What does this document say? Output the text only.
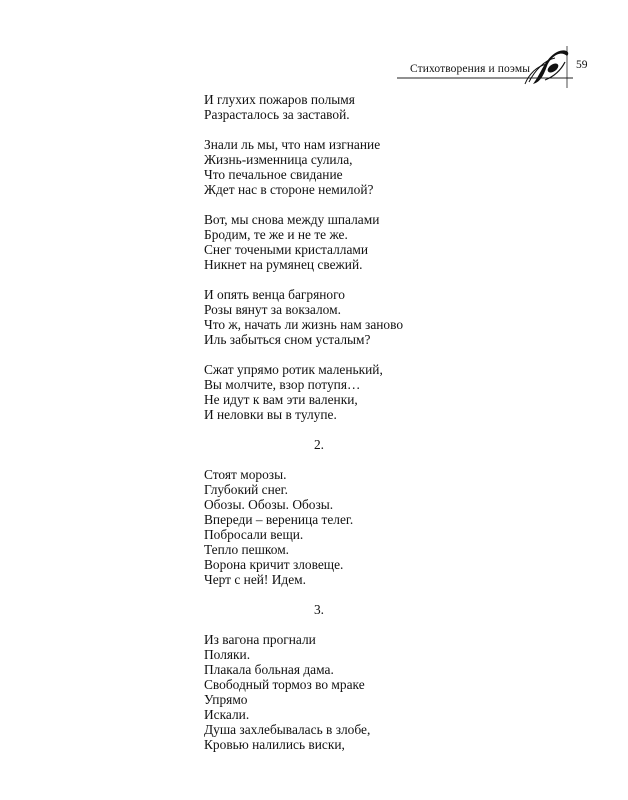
Стихотворения и поэмы	59
И глухих пожаров полымя
Разрасталось за заставой.
Знали ль мы, что нам изгнание
Жизнь-изменница сулила,
Что печальное свидание
Ждет нас в стороне немилой?
Вот, мы снова между шпалами
Бродим, те же и не те же.
Снег точеными кристаллами
Никнет на румянец свежий.
И опять венца багряного
Розы вянут за вокзалом.
Что ж, начать ли жизнь нам заново
Иль забыться сном усталым?
Сжат упрямо ротик маленький,
Вы молчите, взор потупя…
Не идут к вам эти валенки,
И неловки вы в тулупе.
2.
Стоят морозы.
Глубокий снег.
Обозы. Обозы. Обозы.
Впереди – вереница телег.
Побросали вещи.
Тепло пешком.
Ворона кричит зловеще.
Черт с ней! Идем.
3.
Из вагона прогнали
Поляки.
Плакала больная дама.
Свободный тормоз во мраке
Упрямо
Искали.
Душа захлебывалась в злобе,
Кровью налились виски,
